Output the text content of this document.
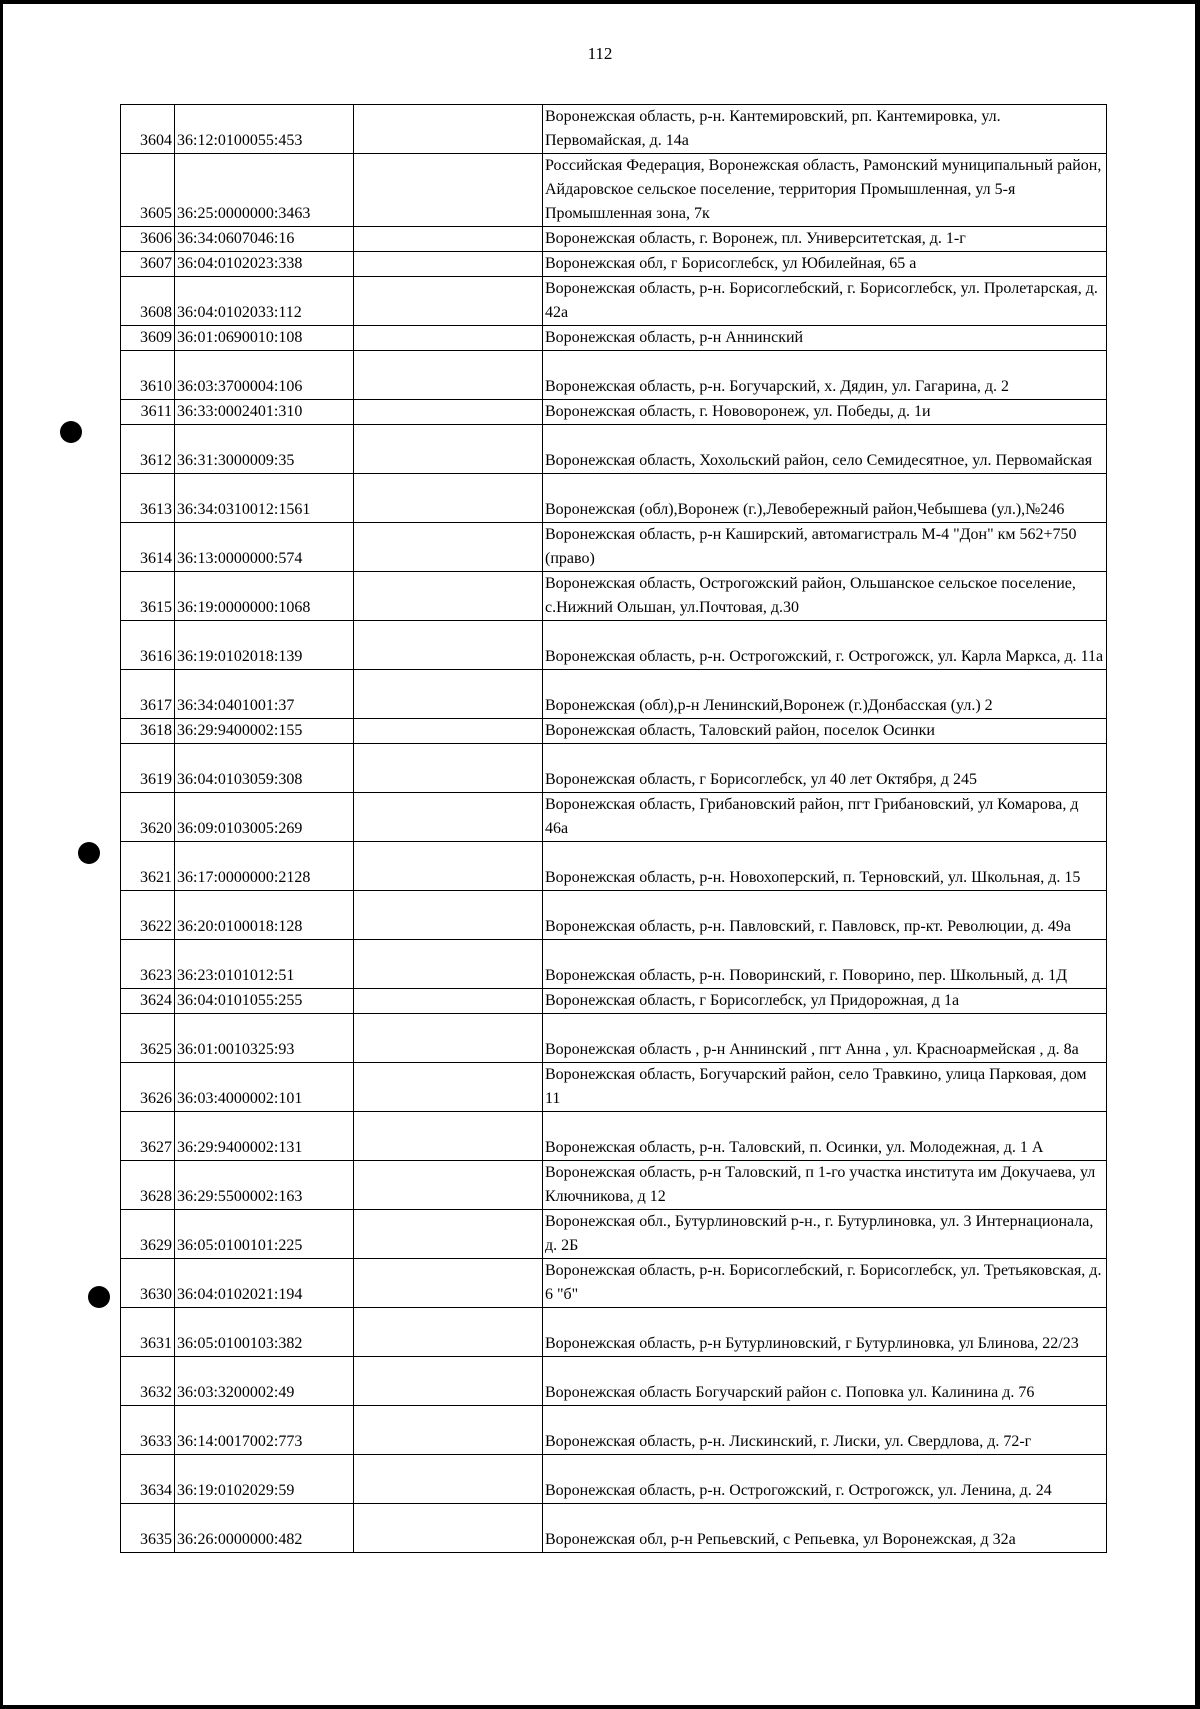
112
3604	36:12:0100055:453		Воронежская область, р-н. Кантемировский, рп. Кантемировка, ул. Первомайская, д. 14а
3605	36:25:0000000:3463		Российская Федерация, Воронежская область, Рамонский муниципальный район, Айдаровское сельское поселение, территория Промышленная, ул 5-я Промышленная зона, 7к
3606	36:34:0607046:16		Воронежская область, г. Воронеж, пл. Университетская, д. 1-г
3607	36:04:0102023:338		Воронежская обл, г Борисоглебск, ул Юбилейная, 65 а
3608	36:04:0102033:112		Воронежская область, р-н. Борисоглебский, г. Борисоглебск, ул. Пролетарская, д. 42а
3609	36:01:0690010:108		Воронежская область, р-н Аннинский
3610	36:03:3700004:106		Воронежская область, р-н. Богучарский, х. Дядин, ул. Гагарина, д. 2
3611	36:33:0002401:310		Воронежская область, г. Нововоронеж, ул. Победы, д. 1и
3612	36:31:3000009:35		Воронежская область, Хохольский район, село Семидесятное, ул. Первомайская
3613	36:34:0310012:1561		Воронежская (обл),Воронеж (г.),Левобережный район,Чебышева (ул.),№246
3614	36:13:0000000:574		Воронежская область, р-н Каширский, автомагистраль М-4 "Дон" км 562+750 (право)
3615	36:19:0000000:1068		Воронежская область, Острогожский район, Ольшанское сельское поселение, с.Нижний Ольшан, ул.Почтовая, д.30
3616	36:19:0102018:139		Воронежская область, р-н. Острогожский, г. Острогожск, ул. Карла Маркса, д. 11а
3617	36:34:0401001:37		Воронежская (обл),р-н Ленинский,Воронеж (г.)Донбасская (ул.) 2
3618	36:29:9400002:155		Воронежская область, Таловский район, поселок Осинки
3619	36:04:0103059:308		Воронежская область, г Борисоглебск, ул 40 лет Октября, д 245
3620	36:09:0103005:269		Воронежская область, Грибановский район, пгт Грибановский, ул Комарова, д 46а
3621	36:17:0000000:2128		Воронежская область, р-н. Новохоперский, п. Терновский, ул. Школьная, д. 15
3622	36:20:0100018:128		Воронежская область, р-н. Павловский, г. Павловск, пр-кт. Революции, д. 49а
3623	36:23:0101012:51		Воронежская область, р-н. Поворинский, г. Поворино, пер. Школьный, д. 1Д
3624	36:04:0101055:255		Воронежская область, г Борисоглебск, ул Придорожная, д 1а
3625	36:01:0010325:93		Воронежская область , р-н Аннинский , пгт Анна , ул. Красноармейская , д. 8а
3626	36:03:4000002:101		Воронежская область, Богучарский район, село Травкино, улица Парковая, дом 11
3627	36:29:9400002:131		Воронежская область, р-н. Таловский, п. Осинки, ул. Молодежная, д. 1 А
3628	36:29:5500002:163		Воронежская область, р-н Таловский, п 1-го участка института им Докучаева, ул Ключникова, д 12
3629	36:05:0100101:225		Воронежская обл., Бутурлиновский р-н., г. Бутурлиновка, ул. 3 Интернационала, д. 2Б
3630	36:04:0102021:194		Воронежская область, р-н. Борисоглебский, г. Борисоглебск, ул. Третьяковская, д. 6 "б"
3631	36:05:0100103:382		Воронежская область, р-н Бутурлиновский, г Бутурлиновка, ул Блинова, 22/23
3632	36:03:3200002:49		Воронежская область Богучарский район с. Поповка ул. Калинина д. 76
3633	36:14:0017002:773		Воронежская область, р-н. Лискинский, г. Лиски, ул. Свердлова, д. 72-г
3634	36:19:0102029:59		Воронежская область, р-н. Острогожский, г. Острогожск, ул. Ленина, д. 24
3635	36:26:0000000:482		Воронежская обл, р-н Репьевский, с Репьевка, ул Воронежская, д 32а
